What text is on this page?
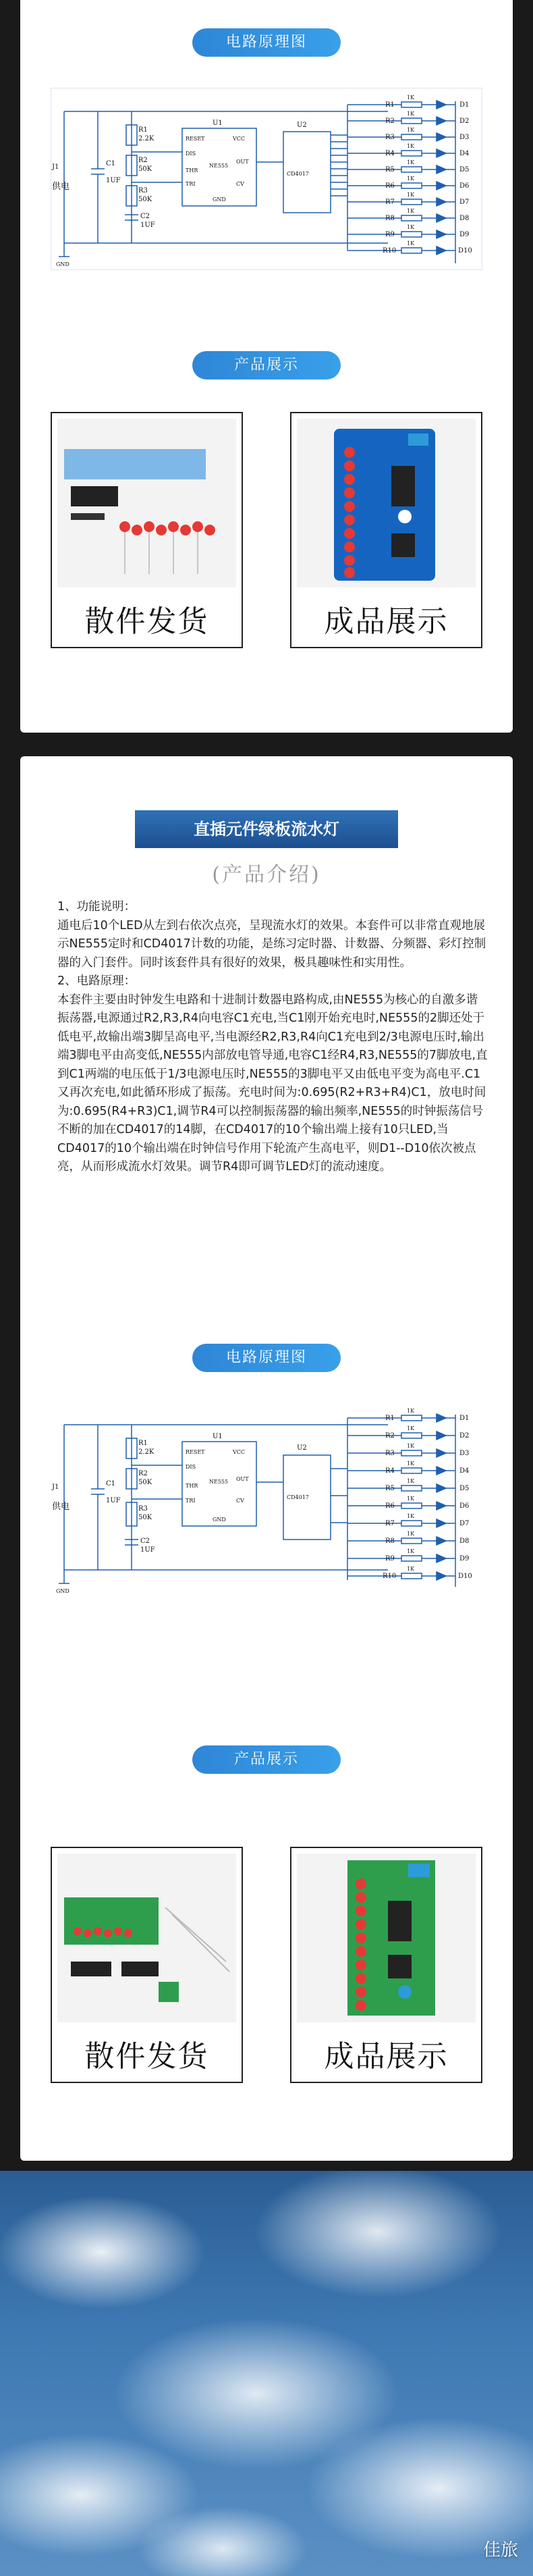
电路原理图
J1
供电
R1
2.2K
R2
50K
R3
50K
C1
1UF
C2
1UF
U1
NE555
RESET	VCC
DIS
THR
TRI
OUT
CV
GND
U2
CD4017
R1
R2
R3
R4
R5
R6
R7
R8
R9
R10
1K
1K
1K
1K
1K
1K
1K
1K
1K
1K
D1
D2
D3
D4
D5
D6
D7
D8
D9
D10
GND
产品展示
散件发货	成品展示
直插元件绿板流水灯
(产品介绍)

1、功能说明：

通电后10个LED从左到右依次点亮，呈现流水灯的效果。本套件可以非常直观地展示NE555定时和CD4017计数的功能，是练习定时器、计数器、分频器、彩灯控制器的入门套件。同时该套件具有很好的效果，极具趣味性和实用性。

2、电路原理：

本套件主要由时钟发生电路和十进制计数器电路构成,由NE555为核心的自激多谐振荡器,电源通过R2,R3,R4向电容C1充电,当C1刚开始充电时,NE555的2脚还处于低电平,故输出端3脚呈高电平,当电源经R2,R3,R4向C1充电到2/3电源电压时,输出端3脚电平由高变低,NE555内部放电管导通,电容C1经R4,R3,NE555的7脚放电,直到C1两端的电压低于1/3电源电压时,NE555的3脚电平又由低电平变为高电平.C1又再次充电,如此循环形成了振荡。充电时间为:0.695(R2+R3+R4)C1，放电时间为:0.695(R4+R3)C1,调节R4可以控制振荡器的输出频率,NE555的时钟振荡信号不断的加在CD4017的14脚，在CD4017的10个输出端上接有10只LED,当CD4017的10个输出端在时钟信号作用下轮流产生高电平，则D1--D10依次被点亮，从而形成流水灯效果。调节R4即可调节LED灯的流动速度。

电路原理图
J1
供电
R1
2.2K
R2
50K
R3
50K
C1
1UF
C2
1UF
U1
NE555
RESET	VCC
DIS
THR
TRI
OUT
CV
GND
U2
CD4017
R1
R2
R3
R4
R5
R6
R7
R8
R9
R10
1K
1K
1K
1K
1K
1K
1K
1K
1K
1K
D1
D2
D3
D4
D5
D6
D7
D8
D9
D10
GND
产品展示
散件发货	成品展示
佳旅
